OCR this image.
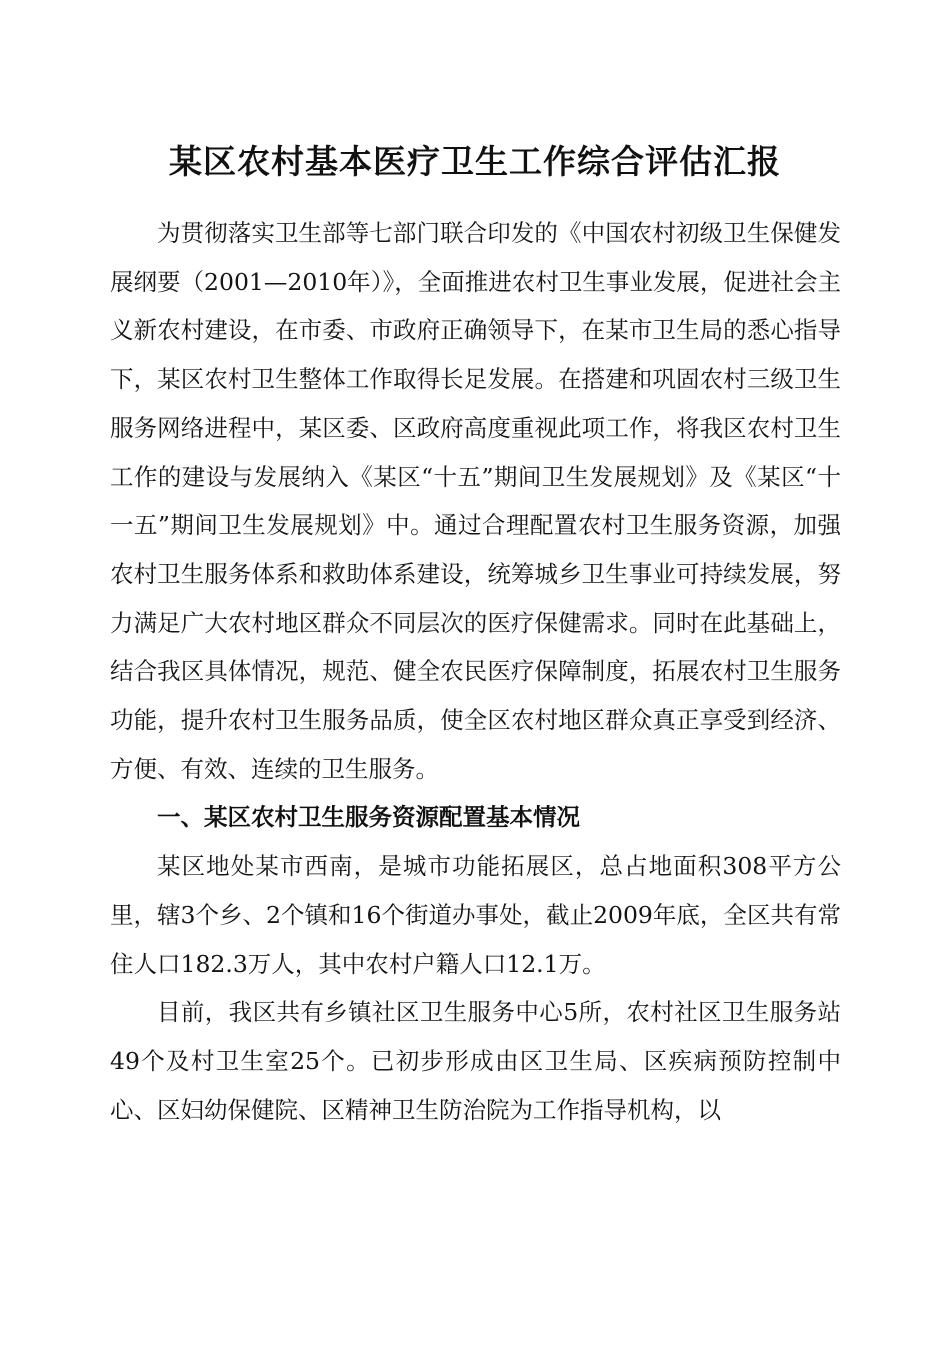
某区农村基本医疗卫生工作综合评估汇报

为贯彻落实卫生部等七部门联合印发的《中国农村初级卫生保健发展纲要（2001—2010年）》，全面推进农村卫生事业发展，促进社会主义新农村建设，在市委、市政府正确领导下，在某市卫生局的悉心指导下，某区农村卫生整体工作取得长足发展。在搭建和巩固农村三级卫生服务网络进程中，某区委、区政府高度重视此项工作，将我区农村卫生工作的建设与发展纳入《某区“十五”期间卫生发展规划》及《某区“十一五”期间卫生发展规划》中。通过合理配置农村卫生服务资源，加强农村卫生服务体系和救助体系建设，统筹城乡卫生事业可持续发展，努力满足广大农村地区群众不同层次的医疗保健需求。同时在此基础上，结合我区具体情况，规范、健全农民医疗保障制度，拓展农村卫生服务功能，提升农村卫生服务品质，使全区农村地区群众真正享受到经济、方便、有效、连续的卫生服务。

一、某区农村卫生服务资源配置基本情况

某区地处某市西南，是城市功能拓展区，总占地面积308平方公里，辖3个乡、2个镇和16个街道办事处，截止2009年底，全区共有常住人口182.3万人，其中农村户籍人口12.1万。

目前，我区共有乡镇社区卫生服务中心5所，农村社区卫生服务站49个及村卫生室25个。已初步形成由区卫生局、区疾病预防控制中心、区妇幼保健院、区精神卫生防治院为工作指导机构，以
